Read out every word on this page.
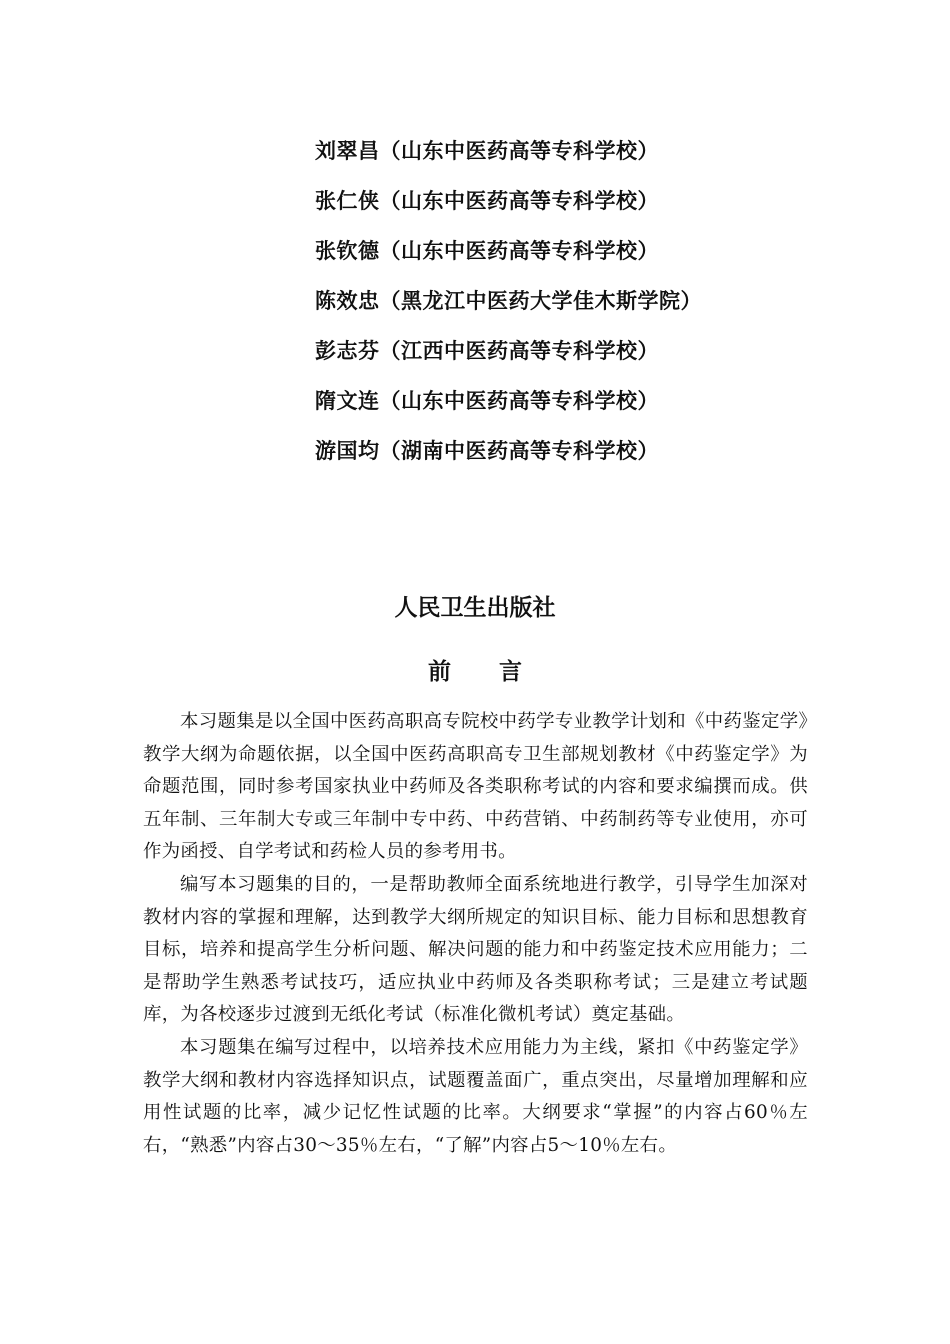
刘翠昌（山东中医药高等专科学校）
张仁侠（山东中医药高等专科学校）
张钦德（山东中医药高等专科学校）
陈效忠（黑龙江中医药大学佳木斯学院）
彭志芬（江西中医药高等专科学校）
隋文连（山东中医药高等专科学校）
游国均（湖南中医药高等专科学校）
人民卫生出版社
前言

本习题集是以全国中医药高职高专院校中药学专业教学计划和《中药鉴定学》教学大纲为命题依据，以全国中医药高职高专卫生部规划教材《中药鉴定学》为命题范围，同时参考国家执业中药师及各类职称考试的内容和要求编撰而成。供五年制、三年制大专或三年制中专中药、中药营销、中药制药等专业使用，亦可作为函授、自学考试和药检人员的参考用书。

编写本习题集的目的，一是帮助教师全面系统地进行教学，引导学生加深对教材内容的掌握和理解，达到教学大纲所规定的知识目标、能力目标和思想教育目标，培养和提高学生分析问题、解决问题的能力和中药鉴定技术应用能力；二是帮助学生熟悉考试技巧，适应执业中药师及各类职称考试；三是建立考试题库，为各校逐步过渡到无纸化考试（标准化微机考试）奠定基础。

本习题集在编写过程中，以培养技术应用能力为主线，紧扣《中药鉴定学》教学大纲和教材内容选择知识点，试题覆盖面广，重点突出，尽量增加理解和应用性试题的比率，减少记忆性试题的比率。大纲要求“掌握”的内容占60％左右，“熟悉”内容占30～35％左右，“了解”内容占5～10％左右。
